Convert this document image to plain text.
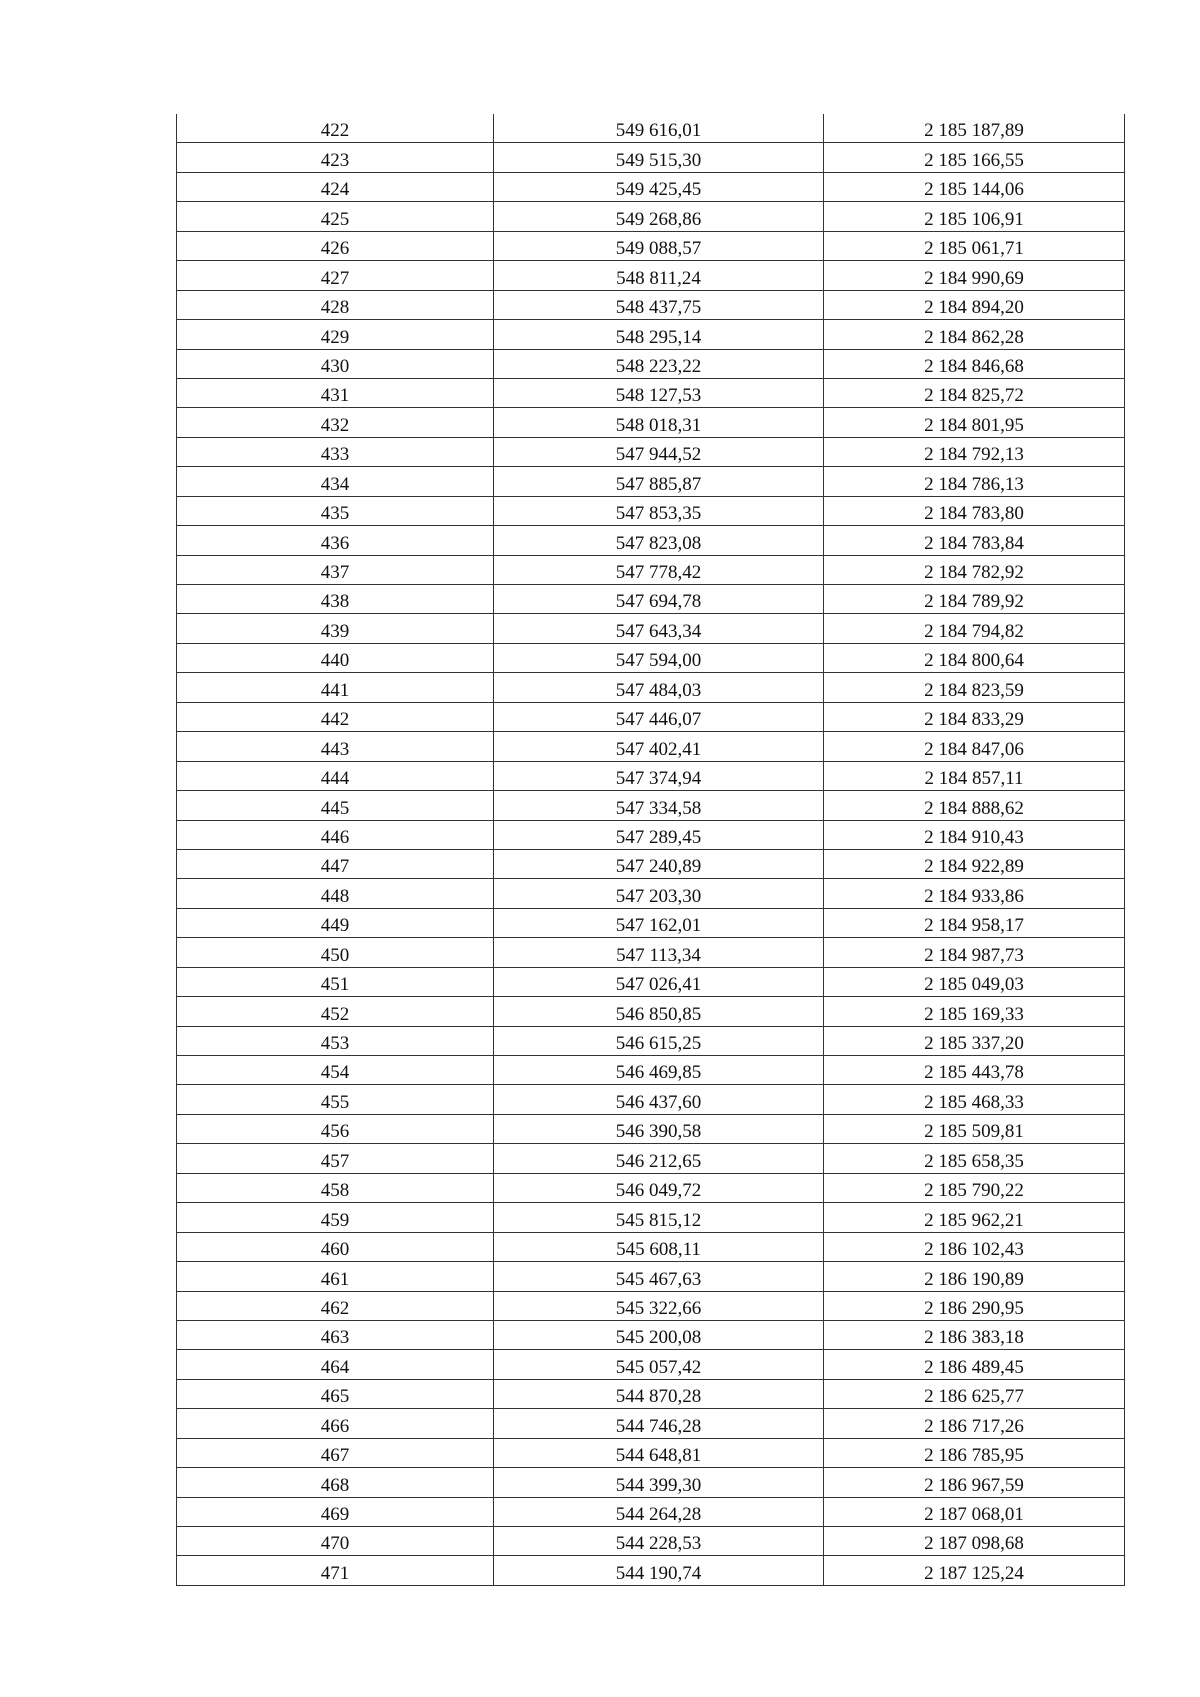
422	549 616,01	2 185 187,89
423	549 515,30	2 185 166,55
424	549 425,45	2 185 144,06
425	549 268,86	2 185 106,91
426	549 088,57	2 185 061,71
427	548 811,24	2 184 990,69
428	548 437,75	2 184 894,20
429	548 295,14	2 184 862,28
430	548 223,22	2 184 846,68
431	548 127,53	2 184 825,72
432	548 018,31	2 184 801,95
433	547 944,52	2 184 792,13
434	547 885,87	2 184 786,13
435	547 853,35	2 184 783,80
436	547 823,08	2 184 783,84
437	547 778,42	2 184 782,92
438	547 694,78	2 184 789,92
439	547 643,34	2 184 794,82
440	547 594,00	2 184 800,64
441	547 484,03	2 184 823,59
442	547 446,07	2 184 833,29
443	547 402,41	2 184 847,06
444	547 374,94	2 184 857,11
445	547 334,58	2 184 888,62
446	547 289,45	2 184 910,43
447	547 240,89	2 184 922,89
448	547 203,30	2 184 933,86
449	547 162,01	2 184 958,17
450	547 113,34	2 184 987,73
451	547 026,41	2 185 049,03
452	546 850,85	2 185 169,33
453	546 615,25	2 185 337,20
454	546 469,85	2 185 443,78
455	546 437,60	2 185 468,33
456	546 390,58	2 185 509,81
457	546 212,65	2 185 658,35
458	546 049,72	2 185 790,22
459	545 815,12	2 185 962,21
460	545 608,11	2 186 102,43
461	545 467,63	2 186 190,89
462	545 322,66	2 186 290,95
463	545 200,08	2 186 383,18
464	545 057,42	2 186 489,45
465	544 870,28	2 186 625,77
466	544 746,28	2 186 717,26
467	544 648,81	2 186 785,95
468	544 399,30	2 186 967,59
469	544 264,28	2 187 068,01
470	544 228,53	2 187 098,68
471	544 190,74	2 187 125,24
